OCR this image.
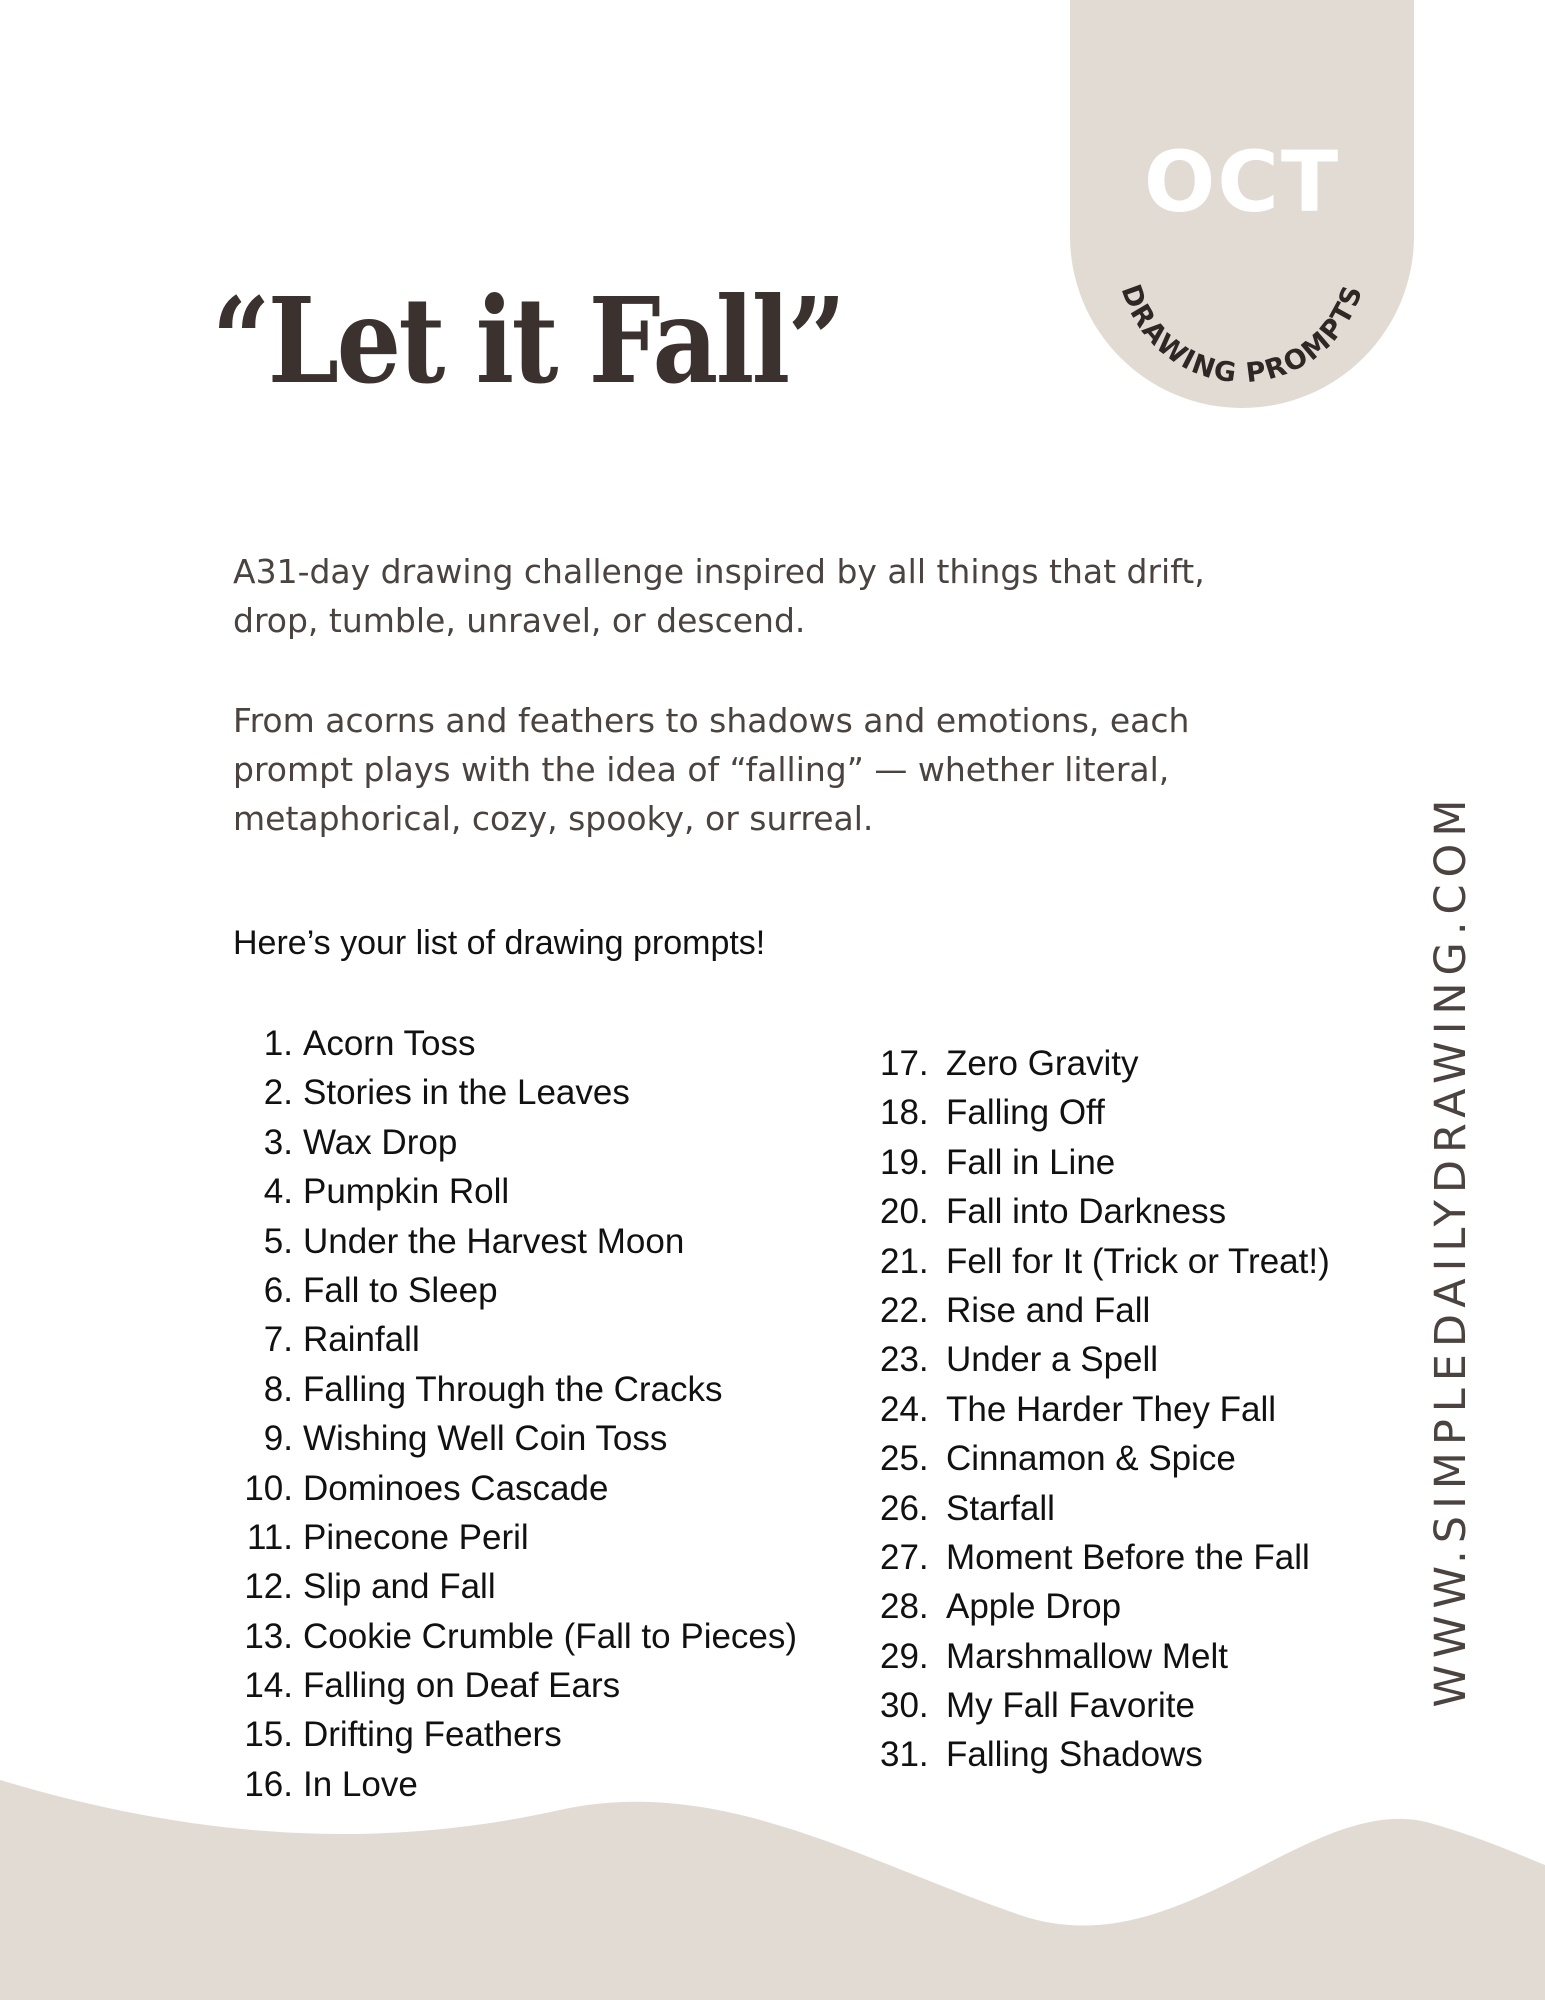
OCT
DRAWING PROMPTS
“Let it Fall”

A31-day drawing challenge inspired by all things that drift, drop, tumble, unravel, or descend.

From acorns and feathers to shadows and emotions, each prompt plays with the idea of “falling” — whether literal, metaphorical, cozy, spooky, or surreal.

Here’s your list of drawing prompts!

1. Acorn Toss
2. Stories in the Leaves
3. Wax Drop
4. Pumpkin Roll
5. Under the Harvest Moon
6. Fall to Sleep
7. Rainfall
8. Falling Through the Cracks
9. Wishing Well Coin Toss
10. Dominoes Cascade
11. Pinecone Peril
12. Slip and Fall
13. Cookie Crumble (Fall to Pieces)
14. Falling on Deaf Ears
15. Drifting Feathers
16. In Love
17. Zero Gravity
18. Falling Off
19. Fall in Line
20. Fall into Darkness
21. Fell for It (Trick or Treat!)
22. Rise and Fall
23. Under a Spell
24. The Harder They Fall
25. Cinnamon & Spice
26. Starfall
27. Moment Before the Fall
28. Apple Drop
29. Marshmallow Melt
30. My Fall Favorite
31. Falling Shadows
WWW.SIMPLEDAILYDRAWING.COM
